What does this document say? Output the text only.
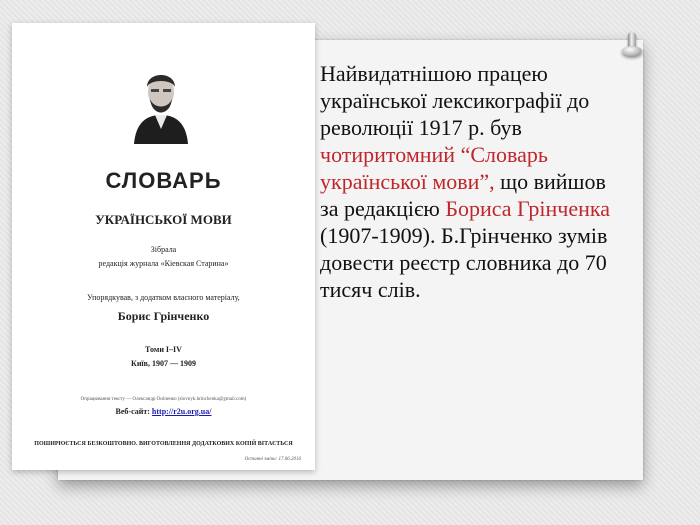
СЛОВАРЬ
УКРАЇНСЬКОЇ МОВИ
Зібрала
редакція журнала «Кіевская Старина»
Упорядкував, з додатком власного матеріалу,
Борис Грінченко
Томи I–IV
Київ, 1907 — 1909
Опрацювання тексту — Олександр Оніпенко (slovnyk.hrinchenka@gmail.com)
Веб-сайт: http://r2u.org.ua/
ПОШИРЮЄТЬСЯ БЕЗКОШТОВНО. ВИГОТОВЛЕННЯ ДОДАТКОВИХ КОПІЙ ВІТАЄТЬСЯ
Останні зміни: 17.06.2016
Найвидатнішою працею української лексикографії до революції 1917 р. був чотиритомний “Словарь української мови”, що вийшов за редакцією Бориса Грінченка (1907-1909). Б.Грінченко зумів довести реєстр словника до 70 тисяч слів.
